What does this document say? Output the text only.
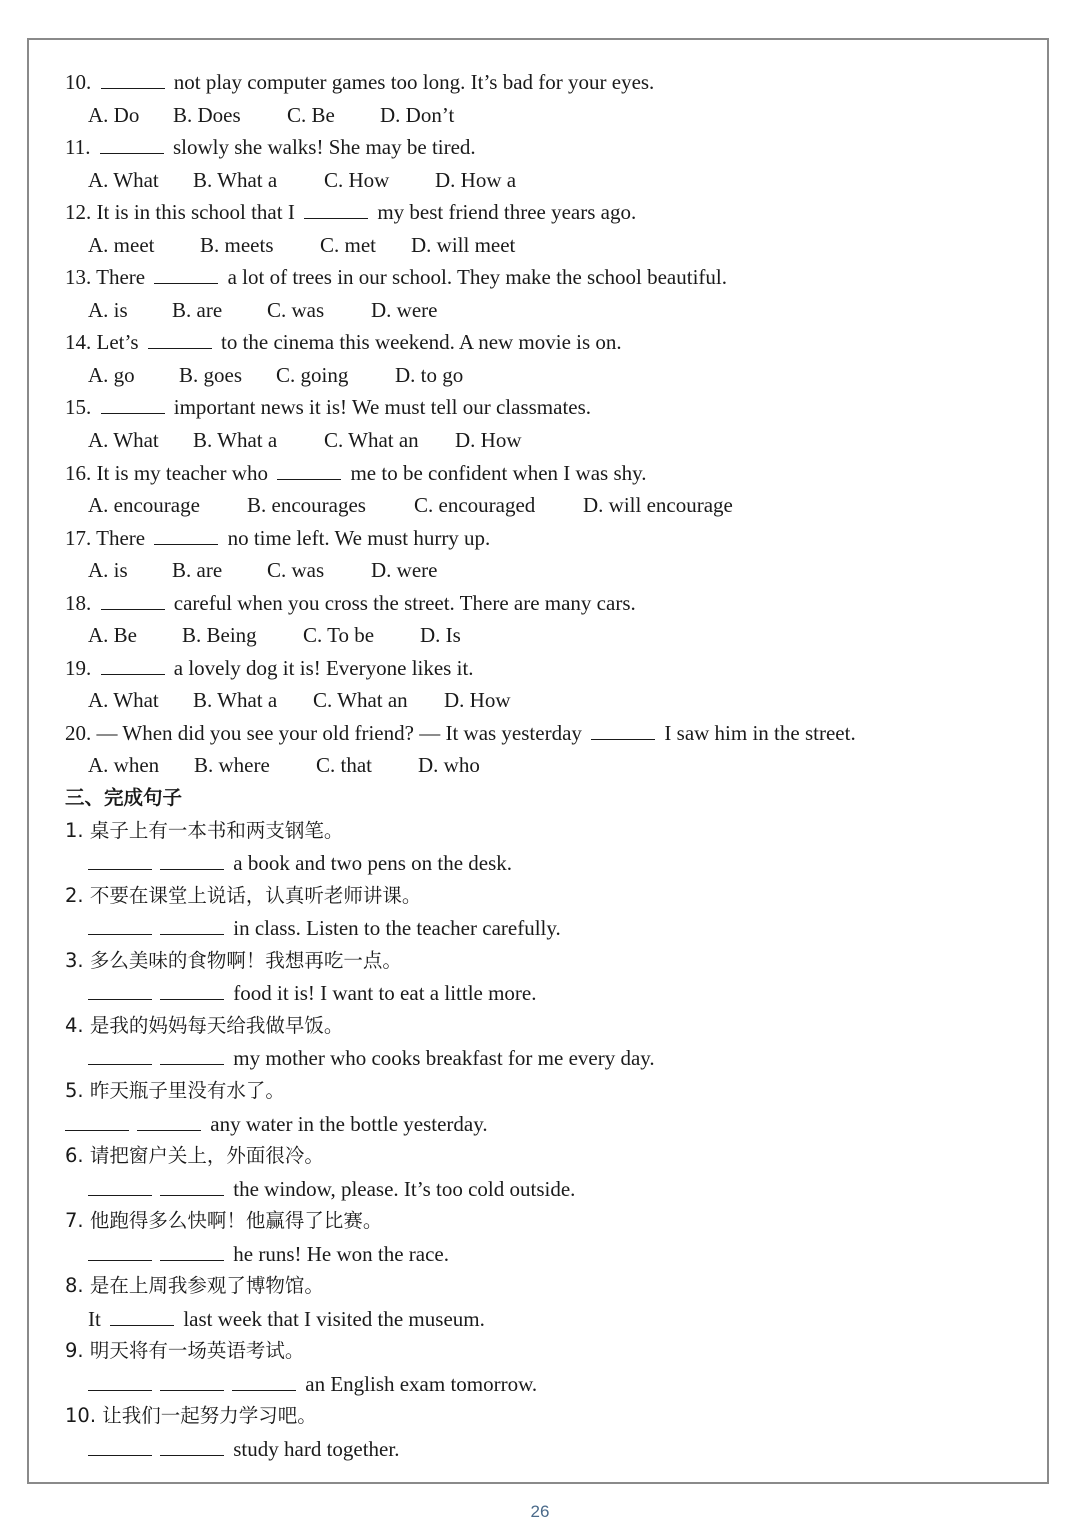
10.	not play computer games too long. It’s bad for your eyes.
A. Do B. Does C. Be D. Don’t
11.	slowly she walks! She may be tired.
A. What B. What a C. How D. How a
12. It is in this school that I	my best friend three years ago.
A. meet B. meets C. met D. will meet
13. There	a lot of trees in our school. They make the school beautiful.
A. is B. are C. was D. were
14. Let’s	to the cinema this weekend. A new movie is on.
A. go B. goes C. going D. to go
15.	important news it is! We must tell our classmates.
A. What B. What a C. What an D. How
16. It is my teacher who	me to be confident when I was shy.
A. encourage B. encourages C. encouraged D. will encourage
17. There	no time left. We must hurry up.
A. is B. are C. was D. were
18.	careful when you cross the street. There are many cars.
A. Be B. Being C. To be D. Is
19.	a lovely dog it is! Everyone likes it.
A. What B. What a C. What an D. How
20. — When did you see your old friend? — It was yesterday	I saw him in the street.
A. when B. where C. that D. who
三、完成句子
1. 桌子上有一本书和两支钢笔。
a book and two pens on the desk.
2. 不要在课堂上说话，认真听老师讲课。
in class. Listen to the teacher carefully.
3. 多么美味的食物啊！我想再吃一点。
food it is! I want to eat a little more.
4. 是我的妈妈每天给我做早饭。
my mother who cooks breakfast for me every day.
5. 昨天瓶子里没有水了。
any water in the bottle yesterday.
6. 请把窗户关上，外面很冷。
the window, please. It’s too cold outside.
7. 他跑得多么快啊！他赢得了比赛。
he runs! He won the race.
8. 是在上周我参观了博物馆。
It	last week that I visited the museum.
9. 明天将有一场英语考试。
an English exam tomorrow.
10. 让我们一起努力学习吧。
study hard together.
26
